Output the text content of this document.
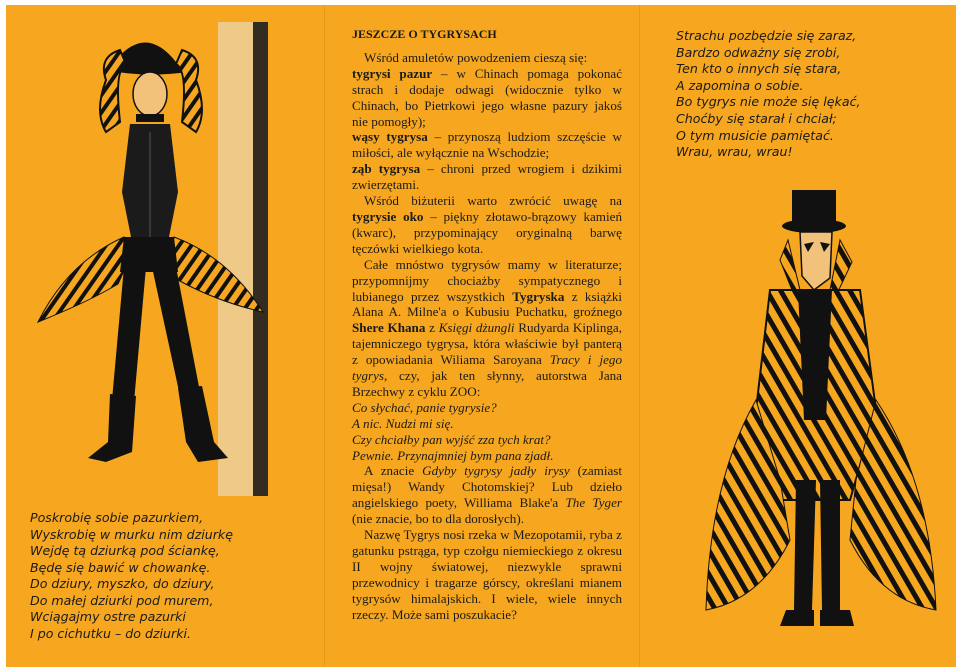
Poskrobię sobie pazurkiem,
Wyskrobię w murku nim dziurkę
Wejdę tą dziurką pod ściankę,
Będę się bawić w chowankę.
Do dziury, myszko, do dziury,
Do małej dziurki pod murem,
Wciągajmy ostre pazurki
I po cichutku – do dziurki.
Strachu pozbędzie się zaraz,
Bardzo odważny się zrobi,
Ten kto o innych się stara,
A zapomina o sobie.
Bo tygrys nie może się lękać,
Choćby się starał i chciał;
O tym musicie pamiętać.
Wrau, wrau, wrau!
JESZCZE O TYGRYSACH

Wśród amuletów powodzeniem cieszą się:

tygrysi pazur – w Chinach pomaga pokonać strach i dodaje odwagi (widocznie tylko w Chinach, bo Pietrkowi jego własne pazury jakoś nie pomogły);
wąsy tygrysa – przynoszą ludziom szczęście w miłości, ale wyłącznie na Wschodzie;
ząb tygrysa – chroni przed wrogiem i dzikimi zwierzętami.

Wśród biżuterii warto zwrócić uwagę na tygrysie oko – piękny złotawo-brązowy kamień (kwarc), przypominający oryginalną barwę tęczówki wielkiego kota.

Całe mnóstwo tygrysów mamy w literaturze; przypomnijmy chociażby sympatycznego i lubianego przez wszystkich Tygryska z książki Alana A. Milne'a o Kubusiu Puchatku, groźnego Shere Khana z Księgi dżungli Rudyarda Kiplinga, tajemniczego tygrysa, która właściwie był panterą z opowiadania Wiliama Saroyana Tracy i jego tygrys, czy, jak ten słynny, autorstwa Jana Brzechwy z cyklu ZOO:

Co słychać, panie tygrysie?

A nic. Nudzi mi się.

Czy chciałby pan wyjść zza tych krat?

Pewnie. Przynajmniej bym pana zjadł.

A znacie Gdyby tygrysy jadły irysy (zamiast mięsa!) Wandy Chotomskiej? Lub dzieło angielskiego poety, Williama Blake'a The Tyger (nie znacie, bo to dla dorosłych).

Nazwę Tygrys nosi rzeka w Mezopotamii, ryba z gatunku pstrąga, typ czołgu niemieckiego z okresu II wojny światowej, niezwykle sprawni przewodnicy i tragarze górscy, określani mianem tygrysów himalajskich. I wiele, wiele innych rzeczy. Może sami poszukacie?
